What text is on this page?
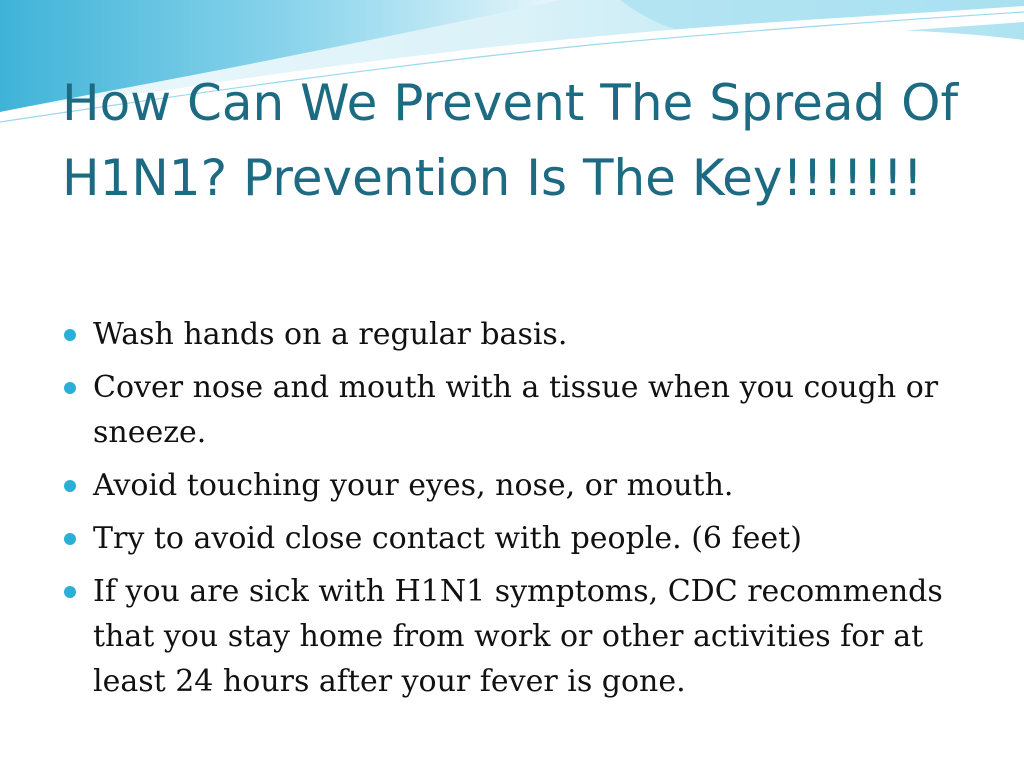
How Can We Prevent The Spread Of H1N1? Prevention Is The Key!!!!!!!
Wash hands on a regular basis.
Cover nose and mouth with a tissue when you cough or sneeze.
Avoid touching your eyes, nose, or mouth.
Try to avoid close contact with people. (6 feet)
If you are sick with H1N1 symptoms, CDC recommends that you stay home from work or other activities for at least 24 hours after your fever is gone.
